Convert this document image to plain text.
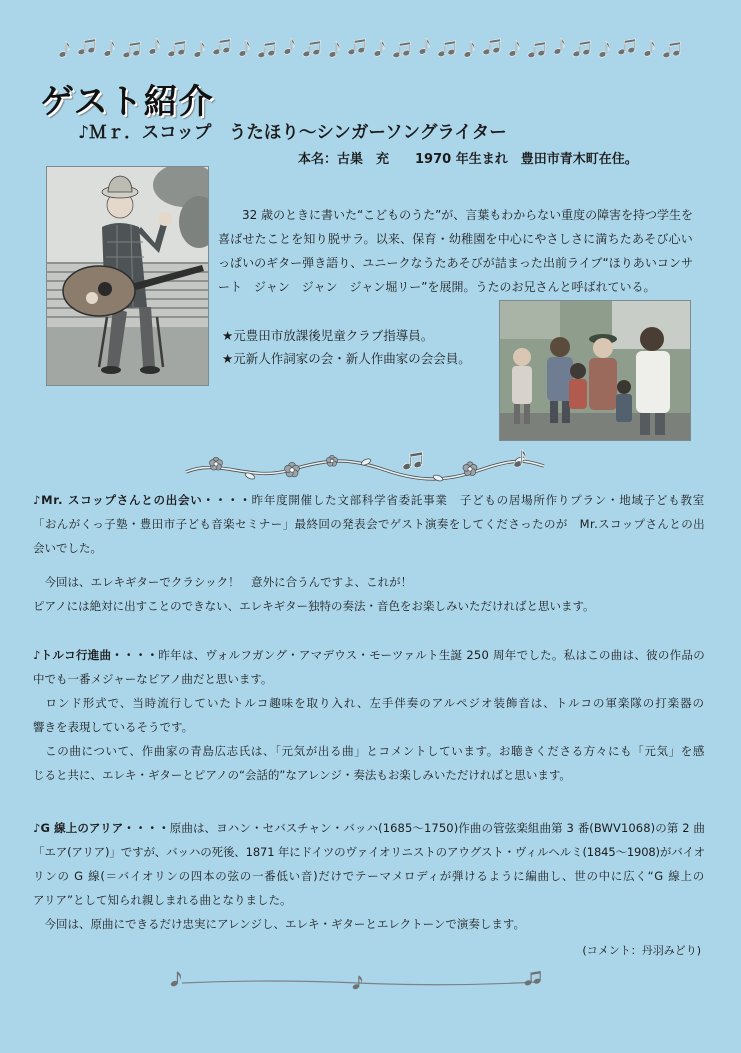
ゲスト紹介
♪Ｍｒ．スコップ　うたほり～シンガーソングライター
本名：古巣　充　　1970 年生まれ　豊田市青木町在住。
32 歳のときに書いた“こどものうた”が、言葉もわからない重度の障害を持つ学生を
喜ばせたことを知り脱サラ。以来、保育・幼稚園を中心にやさしさに満ちたあそび心い
っぱいのギター弾き語り、ユニークなうたあそびが詰まった出前ライブ“ほりあいコンサ
ート　ジャン　ジャン　ジャン堀リー”を展開。うたのお兄さんと呼ばれている。
★元豊田市放課後児童クラブ指導員。
★元新人作詞家の会・新人作曲家の会会員。
♪Mr. スコップさんとの出会い・・・・昨年度開催した文部科学省委託事業　子どもの居場所作りプラン・地域子ども教室
「おんがくっ子塾・豊田市子ども音楽セミナー」最終回の発表会でゲスト演奏をしてくださったのが　Mr.スコップさんとの出
会いでした。
　今回は、エレキギターでクラシック！　意外に合うんですよ、これが！
ピアノには絶対に出すことのできない、エレキギター独特の奏法・音色をお楽しみいただければと思います。
♪トルコ行進曲・・・・昨年は、ヴォルフガング・アマデウス・モーツァルト生誕 250 周年でした。私はこの曲は、彼の作品の
中でも一番メジャーなピアノ曲だと思います。
　ロンド形式で、当時流行していたトルコ趣味を取り入れ、左手伴奏のアルペジオ装飾音は、トルコの軍楽隊の打楽器の
響きを表現しているそうです。
　この曲について、作曲家の青島広志氏は、「元気が出る曲」とコメントしています。お聴きくださる方々にも「元気」を感
じると共に、エレキ・ギターとピアノの“会話的”なアレンジ・奏法もお楽しみいただければと思います。
♪G 線上のアリア・・・・原曲は、ヨハン・セバスチャン・バッハ(1685～1750)作曲の管弦楽組曲第 3 番(BWV1068)の第 2 曲
「エア(アリア)」ですが、バッハの死後、1871 年にドイツのヴァイオリニストのアウグスト・ヴィルヘルミ(1845～1908)がバイオ
リンの G 線(＝バイオリンの四本の弦の一番低い音)だけでテーマメロディが弾けるように編曲し、世の中に広く“G 線上の
アリア”として知られ親しまれる曲となりました。
　今回は、原曲にできるだけ忠実にアレンジし、エレキ・ギターとエレクトーンで演奏します。
(コメント：丹羽みどり)
